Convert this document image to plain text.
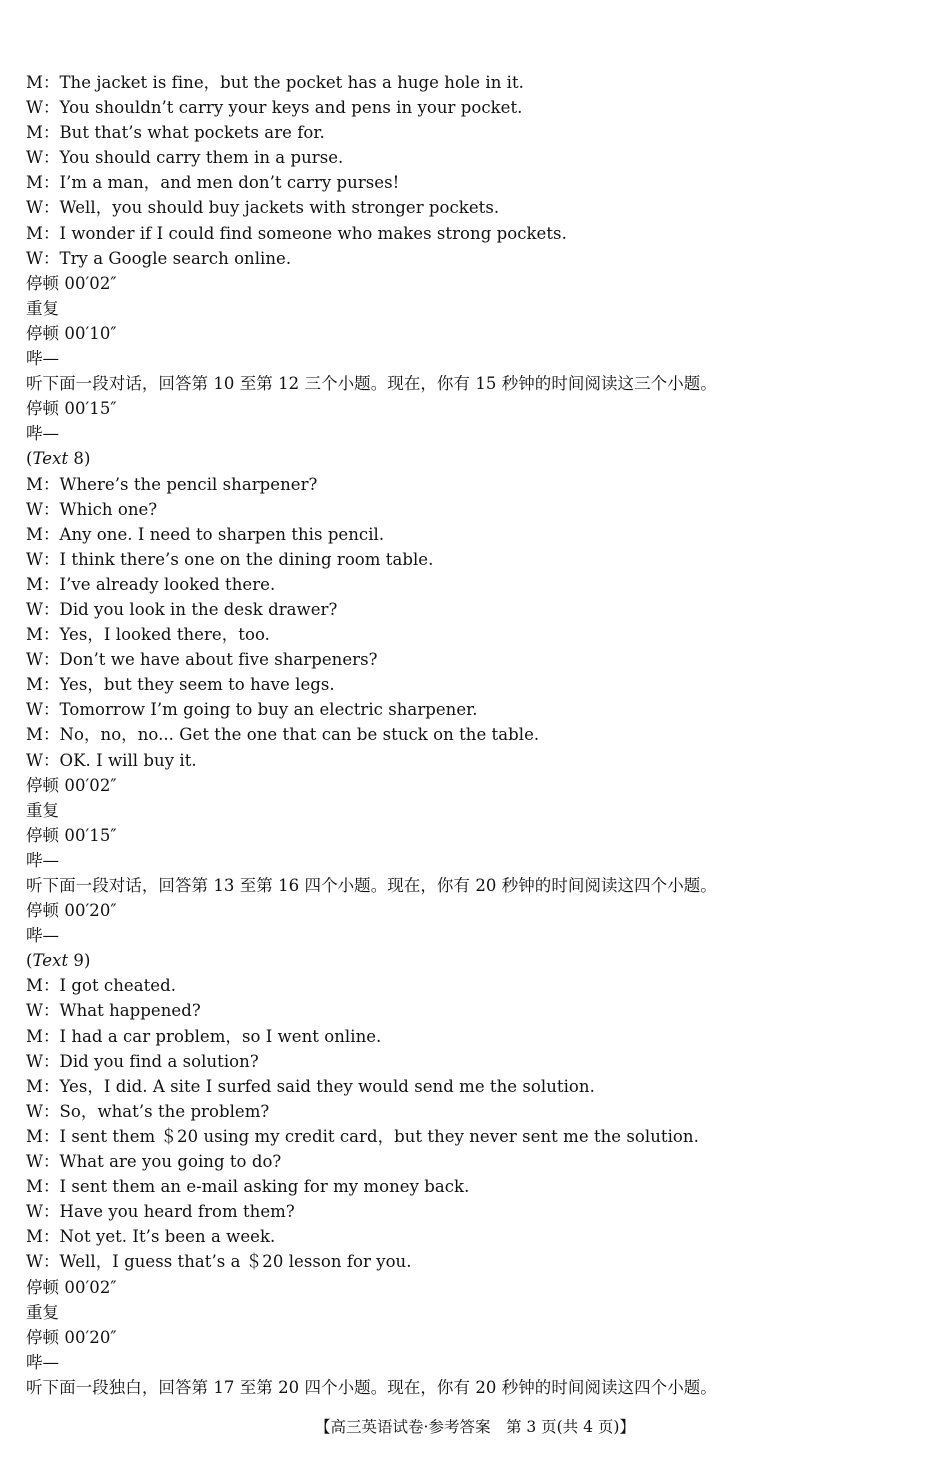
M：The jacket is fine，but the pocket has a huge hole in it.
W：You shouldn’t carry your keys and pens in your pocket.
M：But that’s what pockets are for.
W：You should carry them in a purse.
M：I’m a man，and men don’t carry purses!
W：Well，you should buy jackets with stronger pockets.
M：I wonder if I could find someone who makes strong pockets.
W：Try a Google search online.
停顿 00′02″
重复
停顿 00′10″
哔—
听下面一段对话，回答第 10 至第 12 三个小题。现在，你有 15 秒钟的时间阅读这三个小题。
停顿 00′15″
哔—
(Text 8)
M：Where’s the pencil sharpener?
W：Which one?
M：Any one. I need to sharpen this pencil.
W：I think there’s one on the dining room table.
M：I’ve already looked there.
W：Did you look in the desk drawer?
M：Yes，I looked there，too.
W：Don’t we have about five sharpeners?
M：Yes，but they seem to have legs.
W：Tomorrow I’m going to buy an electric sharpener.
M：No，no，no... Get the one that can be stuck on the table.
W：OK. I will buy it.
停顿 00′02″
重复
停顿 00′15″
哔—
听下面一段对话，回答第 13 至第 16 四个小题。现在，你有 20 秒钟的时间阅读这四个小题。
停顿 00′20″
哔—
(Text 9)
M：I got cheated.
W：What happened?
M：I had a car problem，so I went online.
W：Did you find a solution?
M：Yes，I did. A site I surfed said they would send me the solution.
W：So，what’s the problem?
M：I sent them ＄20 using my credit card，but they never sent me the solution.
W：What are you going to do?
M：I sent them an e-mail asking for my money back.
W：Have you heard from them?
M：Not yet. It’s been a week.
W：Well，I guess that’s a ＄20 lesson for you.
停顿 00′02″
重复
停顿 00′20″
哔—
听下面一段独白，回答第 17 至第 20 四个小题。现在，你有 20 秒钟的时间阅读这四个小题。
【高三英语试卷·参考答案　第 3 页(共 4 页)】
